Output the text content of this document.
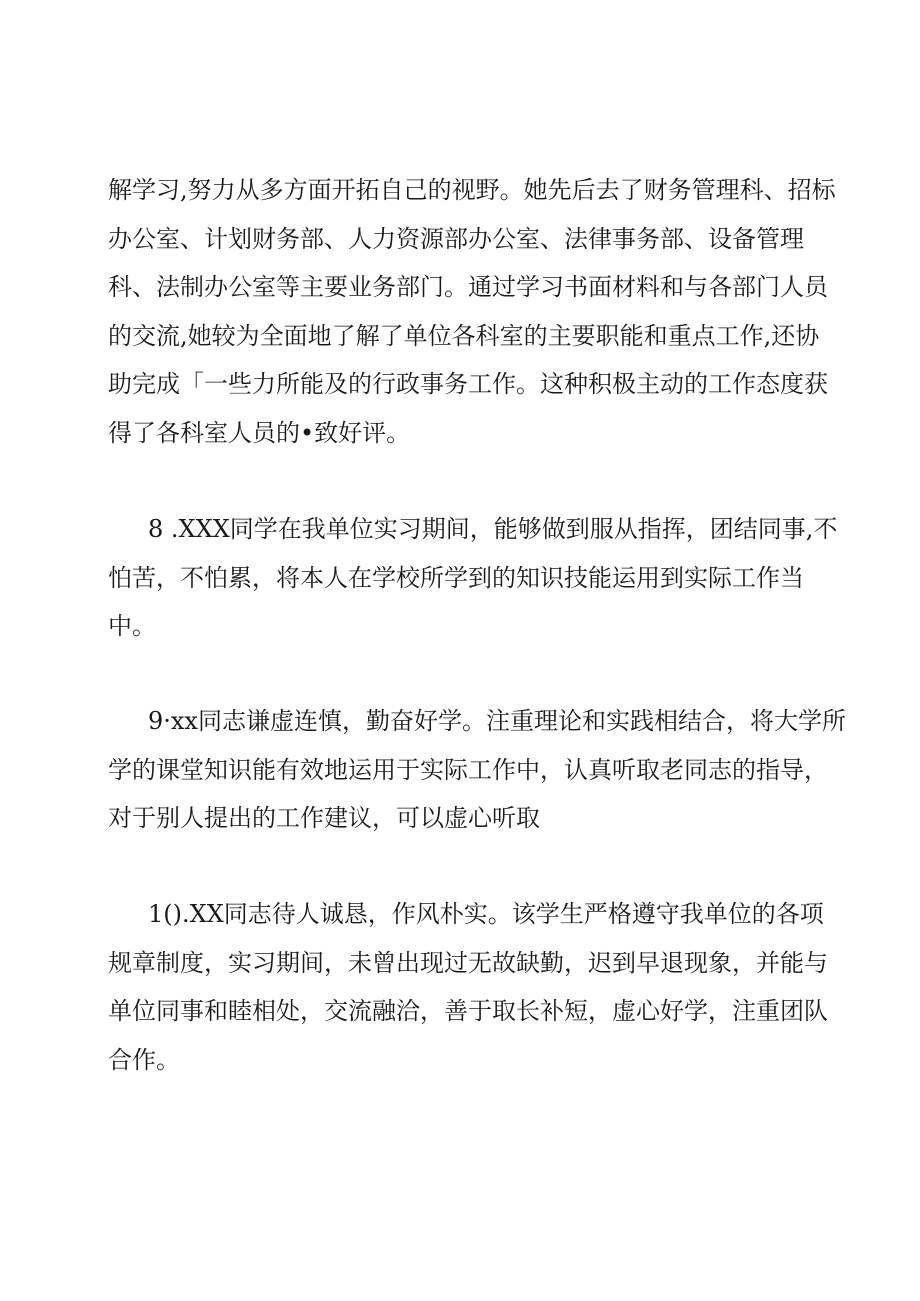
解学习,努力从多方面开拓自己的视野。她先后去了财务管理科、招标
办公室、计划财务部、人力资源部办公室、法律事务部、设备管理
科、法制办公室等主要业务部门。通过学习书面材料和与各部门人员
的交流,她较为全面地了解了单位各科室的主要职能和重点工作,还协
助完成「一些力所能及的行政事务工作。这种积极主动的工作态度获
得了各科室人员的•致好评。

8 .XXX同学在我单位实习期间，能够做到服从指挥，团结同事,不
怕苦，不怕累，将本人在学校所学到的知识技能运用到实际工作当
中。

9·xx同志谦虚连慎，勤奋好学。注重理论和实践相结合，将大学所
学的课堂知识能有效地运用于实际工作中，认真听取老同志的指导，
对于别人提出的工作建议，可以虚心听取

1().XX同志待人诚恳，作风朴实。该学生严格遵守我单位的各项
规章制度，实习期间，未曾出现过无故缺勤，迟到早退现象，并能与
单位同事和睦相处，交流融洽，善于取长补短，虚心好学，注重团队
合作。
